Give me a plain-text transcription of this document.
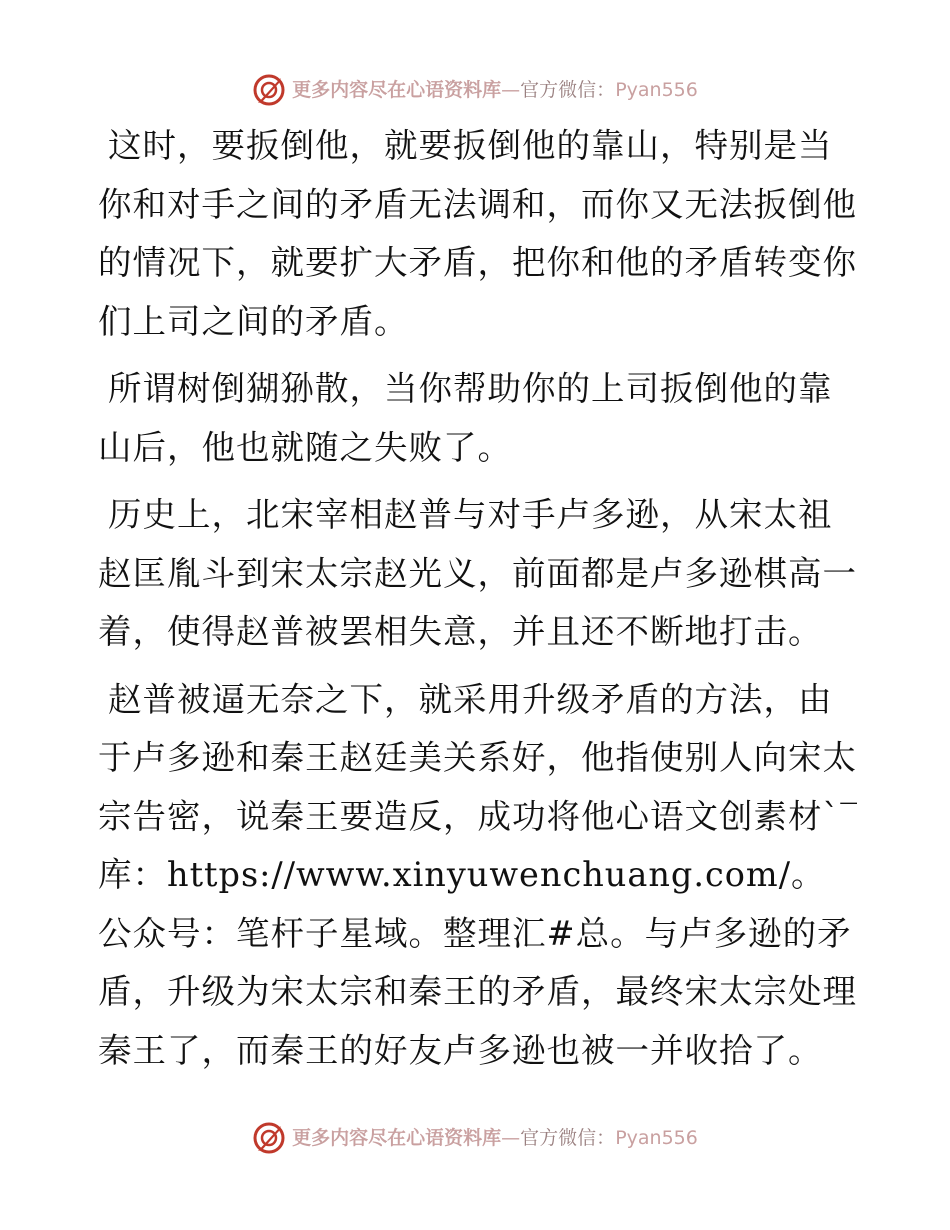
更多内容尽在心语资料库—官方微信：Pyan556

这时，要扳倒他，就要扳倒他的靠山，特别是当你和对手之间的矛盾无法调和，而你又无法扳倒他的情况下，就要扩大矛盾，把你和他的矛盾转变你们上司之间的矛盾。

所谓树倒猢狲散，当你帮助你的上司扳倒他的靠山后，他也就随之失败了。

历史上，北宋宰相赵普与对手卢多逊，从宋太祖赵匡胤斗到宋太宗赵光义，前面都是卢多逊棋高一着，使得赵普被罢相失意，并且还不断地打击。

赵普被逼无奈之下，就采用升级矛盾的方法，由于卢多逊和秦王赵廷美关系好，他指使别人向宋太宗告密，说秦王要造反，成功将他心语文创素材`‾库：https://www.xinyuwenchuang.com/。公众号：笔杆子星域。整理汇#总。与卢多逊的矛盾，升级为宋太宗和秦王的矛盾，最终宋太宗处理秦王了，而秦王的好友卢多逊也被一并收拾了。

更多内容尽在心语资料库—官方微信：Pyan556
